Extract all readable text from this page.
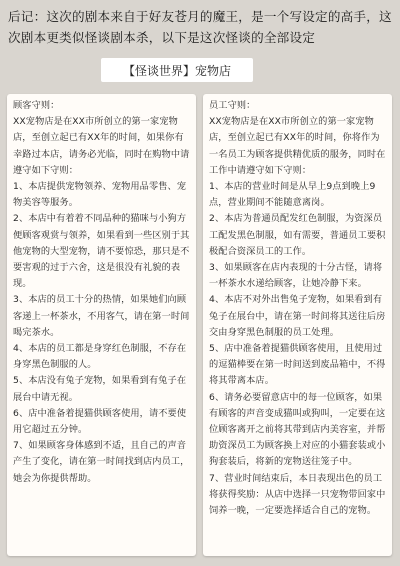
后记：这次的剧本来自于好友苍月的魔王，是一个写设定的高手，这次剧本更类似怪谈剧本杀，以下是这次怪谈的全部设定
【怪谈世界】宠物店

顾客守则：

XX宠物店是在XX市所创立的第一家宠物店，至创立起已有XX年的时间，如果你有幸路过本店，请务必光临，同时在购物中请遵守如下守则：

1、本店提供宠物领养、宠物用品零售、宠物美容等服务。

2、本店中有着着不同品种的猫咪与小狗方便顾客观赏与领养，如果看到一些区别于其他宠物的大型宠物，请不要惊恐，那只是不要害观的过于六舍，这是很没有礼貌的表现。

3、本店的员工十分的热情，如果她们向顾客递上一杯茶水，不用客气，请在第一时间喝完茶水。

4、本店的员工都是身穿红色制服，不存在身穿黑色制服的人。

5、本店没有兔子宠物，如果看到有兔子在展台中请无视。

6、店中准备着提猫供顾客使用，请不要使用它超过五分钟。

7、如果顾客身体感到不适，且自己的声音产生了变化，请在第一时间找到店内员工，她会为你提供帮助。

员工守则：

XX宠物店是在XX市所创立的第一家宠物店，至创立起已有XX年的时间，你将作为一名员工为顾客提供精优质的服务，同时在工作中请遵守如下守则：

1、本店的营业时间是从早上9点到晚上9点，营业期间不能随意离岗。

2、本店为普通员配发红色制服，为资深员工配发黑色制服，如有需要，普通员工要积极配合资深员工的工作。

3、如果顾客在店内表现的十分古怪，请将一杯茶水水递给顾客，让她冷静下来。

4、本店不对外出售兔子宠物，如果看到有兔子在展台中，请在第一时间将其送往后房交由身穿黑色制服的员工处理。

5、店中准备着提猫供顾客使用，且使用过的逗猫棒要在第一时间送到废品箱中，不得将其带离本店。

6、请务必要留意店中的每一位顾客，如果有顾客的声音变成猫叫或狗叫，一定要在这位顾客离开之前将其带到店内美容室，并帮助资深员工为顾客换上对应的小猫套装或小狗套装后，将新的宠物送往笼子中。

7、营业时间结束后，本日表现出色的员工将获得奖励：从店中选择一只宠物带回家中饲养一晚，一定要选择适合自己的宠物。
